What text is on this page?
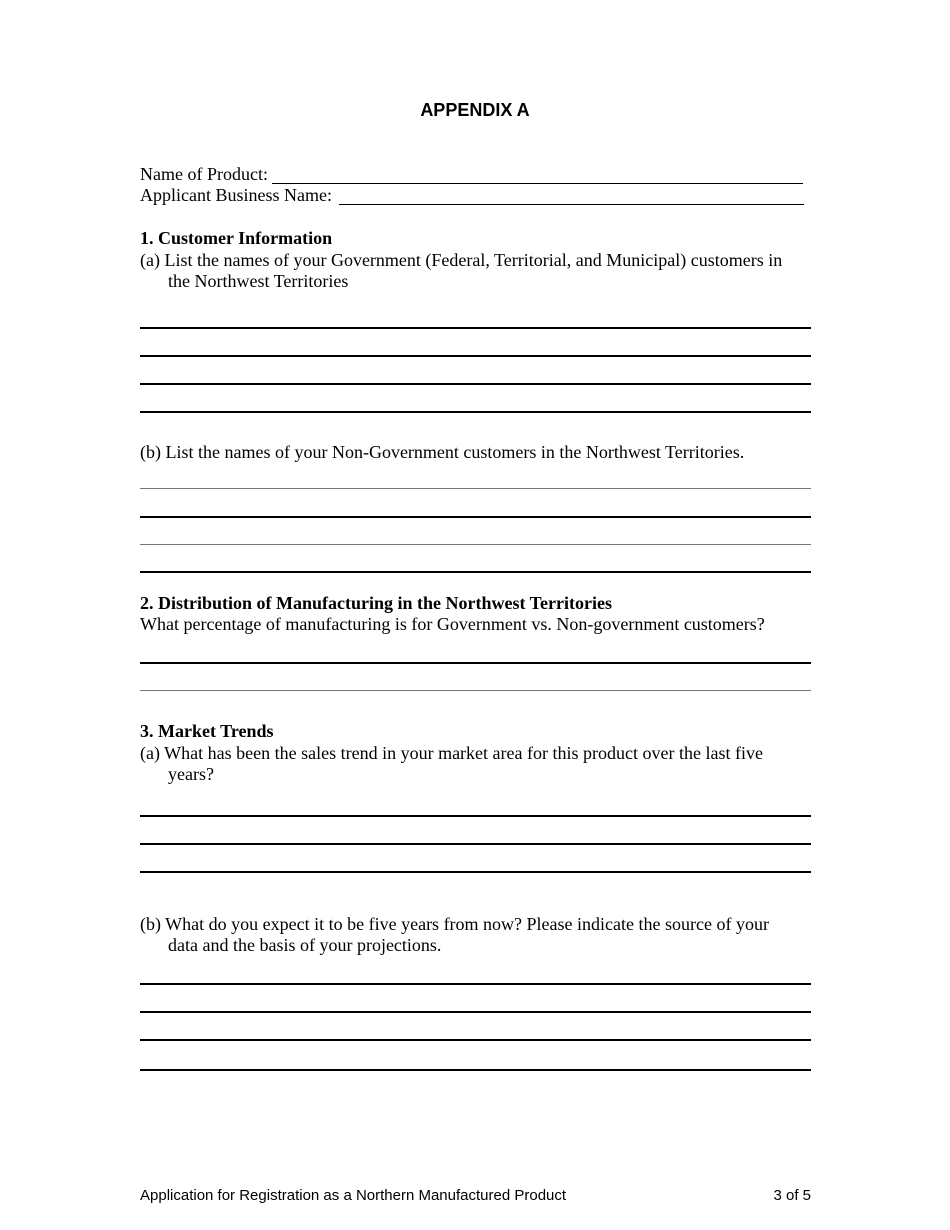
APPENDIX A
Name of Product:
Applicant Business Name:
1. Customer Information
(a) List the names of your Government (Federal, Territorial, and Municipal) customers in
the Northwest Territories
(b) List the names of your Non-Government customers in the Northwest Territories.
2. Distribution of Manufacturing in the Northwest Territories
What percentage of manufacturing is for Government vs. Non-government customers?
3. Market Trends
(a) What has been the sales trend in your market area for this product over the last five
years?
(b) What do you expect it to be five years from now? Please indicate the source of your
data and the basis of your projections.
Application for Registration as a Northern Manufactured Product	3 of 5
